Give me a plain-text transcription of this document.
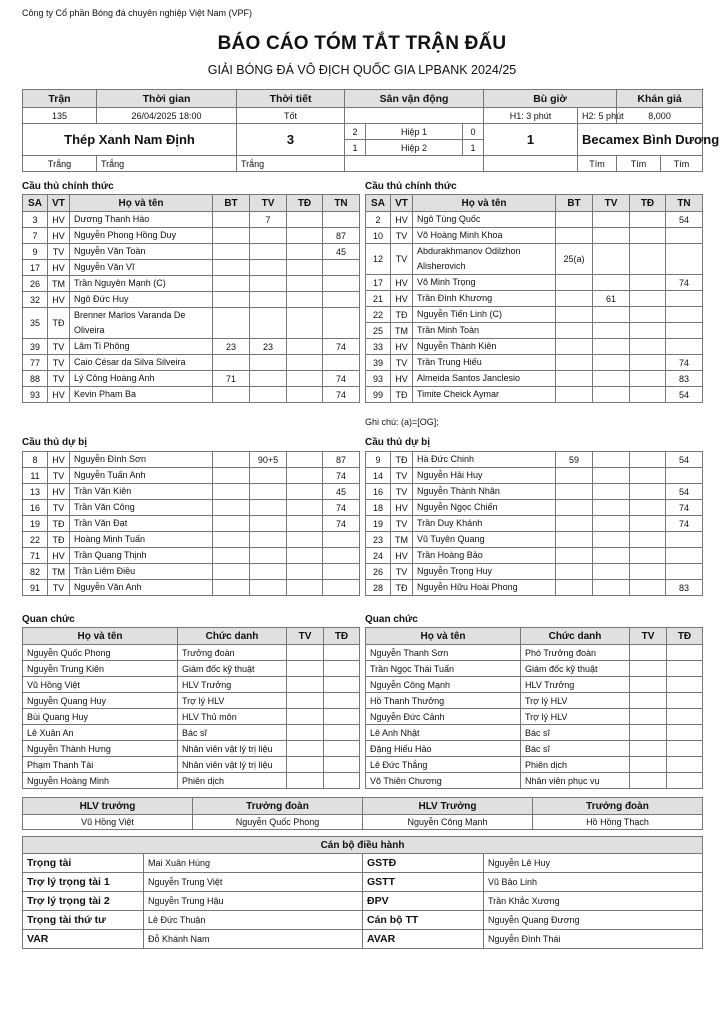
Công ty Cổ phần Bóng đá chuyên nghiệp Việt Nam (VPF)
BÁO CÁO TÓM TẮT TRẬN ĐẤU
GIẢI BÓNG ĐÁ VÔ ĐỊCH QUỐC GIA LPBANK 2024/25
Trận	Thời gian	Thời tiết	Sân vận động			Bù giờ		Khán giả	
135	26/04/2025 18:00	Tốt				H1: 3 phút	H2: 5 phút	8,000	
Thép Xanh Nam Định		3	2	Hiệp 1	0	1	Becamex Bình Dương		
			1	Hiệp 2	1				
Trắng	Trắng	Trắng					Tím	Tím	Tím
Cầu thủ chính thức	Cầu thủ chính thức
SA	VT	Họ và tên	BT	TV	TĐ	TN
3	HV	Dương Thanh Hào		7		
7	HV	Nguyễn Phong Hồng Duy				87
9	TV	Nguyễn Văn Toàn				45
17	HV	Nguyễn Văn Vĩ				
26	TM	Trần Nguyên Mạnh (C)				
32	HV	Ngô Đức Huy				
35	TĐ	Brenner Marlos Varanda De Oliveira				
39	TV	Lâm Ti Phông	23	23		74
77	TV	Caio César da Silva Silveira				
88	TV	Lý Công Hoàng Anh	71			74
93	HV	Kevin Pham Ba				74
SA	VT	Họ và tên	BT	TV	TĐ	TN
2	HV	Ngô Tùng Quốc				54
10	TV	Võ Hoàng Minh Khoa				
12	TV	Abdurakhmanov Odilzhon Alisherovich	25(a)			
17	HV	Võ Minh Trọng				74
21	HV	Trần Đình Khương		61		
22	TĐ	Nguyễn Tiến Linh (C)				
25	TM	Trần Minh Toàn				
33	HV	Nguyễn Thành Kiên				
39	TV	Trần Trung Hiếu				74
93	HV	Almeida Santos Janclesio				83
99	TĐ	Timite Cheick Aymar				54
Ghi chú: (a)=[OG];
Cầu thủ dự bị	Cầu thủ dự bị
8	HV	Nguyễn Đình Sơn		90+5		87
11	TV	Nguyễn Tuấn Anh				74
13	HV	Trần Văn Kiên				45
16	TV	Trần Văn Công				74
19	TĐ	Trần Văn Đạt				74
22	TĐ	Hoàng Minh Tuấn				
71	HV	Trần Quang Thịnh				
82	TM	Trần Liêm Điều				
91	TV	Nguyễn Văn Anh				
9	TĐ	Hà Đức Chinh	59			54
14	TV	Nguyễn Hải Huy				
16	TV	Nguyễn Thành Nhân				54
18	HV	Nguyễn Ngọc Chiến				74
19	TV	Trần Duy Khánh				74
23	TM	Vũ Tuyên Quang				
24	HV	Trần Hoàng Bảo				
26	TV	Nguyễn Trọng Huy				
28	TĐ	Nguyễn Hữu Hoài Phong				83
Quan chức	Quan chức
Họ và tên	Chức danh	TV	TĐ
Nguyễn Quốc Phong	Trưởng đoàn		
Nguyễn Trung Kiên	Giám đốc kỹ thuật		
Vũ Hồng Việt	HLV Trưởng		
Nguyễn Quang Huy	Trợ lý HLV		
Bùi Quang Huy	HLV Thủ môn		
Lê Xuân An	Bác sĩ		
Nguyễn Thành Hưng	Nhân viên vật lý trị liệu		
Phạm Thanh Tài	Nhân viên vật lý trị liệu		
Nguyễn Hoàng Minh	Phiên dịch		
Họ và tên	Chức danh	TV	TĐ
Nguyễn Thanh Sơn	Phó Trưởng đoàn		
Trần Ngọc Thái Tuấn	Giám đốc kỹ thuật		
Nguyễn Công Mạnh	HLV Trưởng		
Hồ Thanh Thưởng	Trợ lý HLV		
Nguyễn Đức Cảnh	Trợ lý HLV		
Lê Anh Nhật	Bác sĩ		
Đặng Hiếu Hảo	Bác sĩ		
Lê Đức Thắng	Phiên dịch		
Võ Thiên Chương	Nhân viên phục vụ		
HLV trưởng	Trưởng đoàn	HLV Trưởng	Trưởng đoàn
Vũ Hồng Việt	Nguyễn Quốc Phong	Nguyễn Công Mạnh	Hồ Hồng Thạch
Cán bộ điều hành			
Trọng tài	Mai Xuân Hùng	GSTĐ	Nguyễn Lê Huy
Trợ lý trọng tài 1	Nguyễn Trung Việt	GSTT	Vũ Bảo Linh
Trợ lý trọng tài 2	Nguyễn Trung Hậu	ĐPV	Trần Khắc Xương
Trọng tài thứ tư	Lê Đức Thuận	Cán bộ TT	Nguyễn Quang Đương
VAR	Đỗ Khánh Nam	AVAR	Nguyễn Đình Thái
